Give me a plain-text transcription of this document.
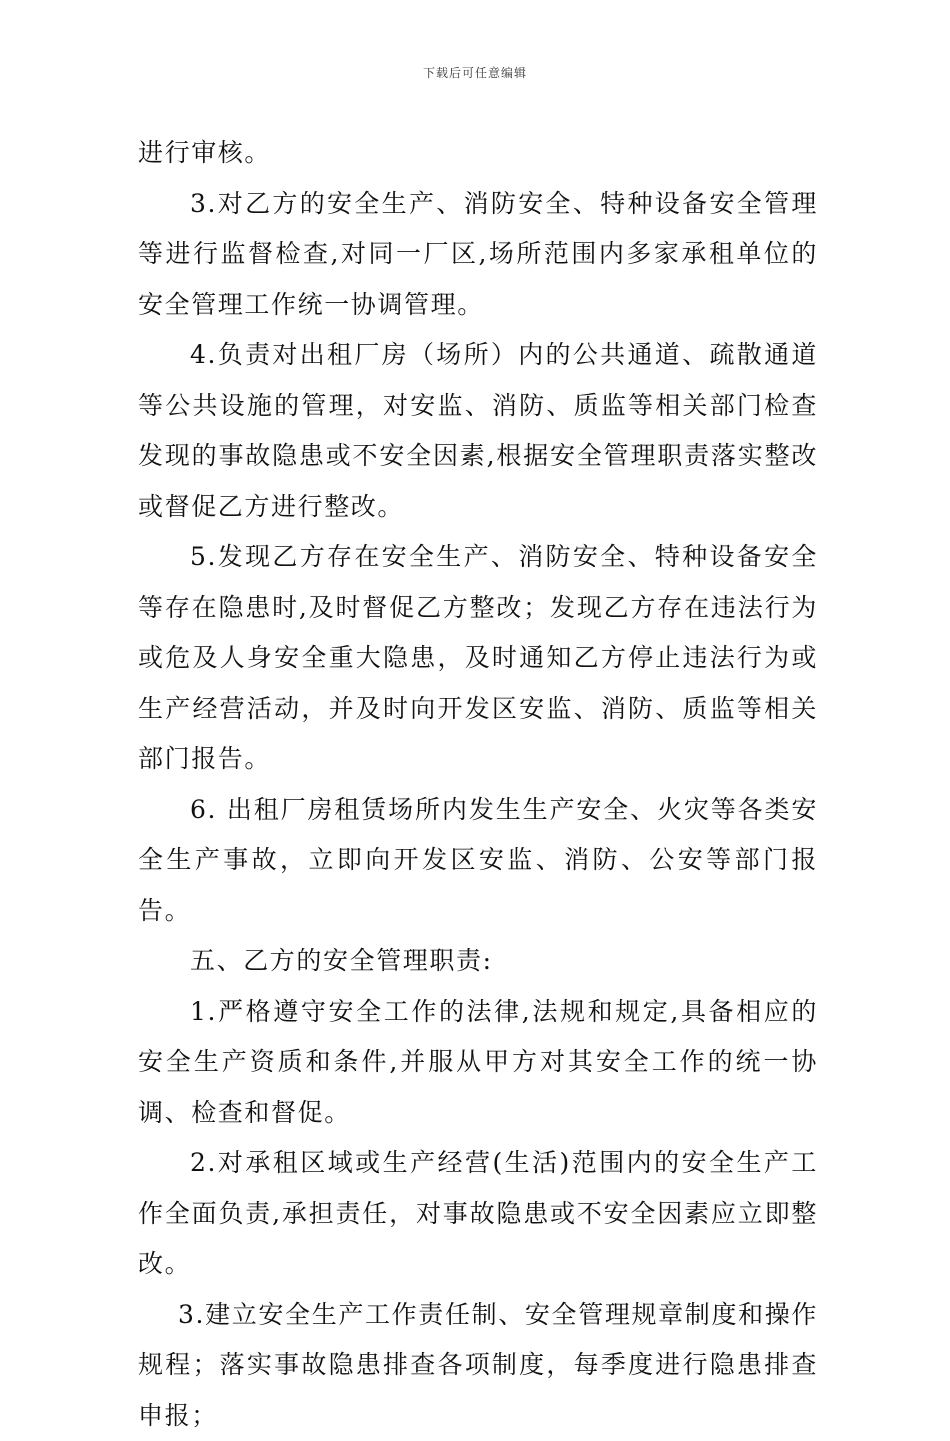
下载后可任意编辑

进行审核。

3.对乙方的安全生产、消防安全、特种设备安全管理等进行监督检查,对同一厂区,场所范围内多家承租单位的安全管理工作统一协调管理。

4.负责对出租厂房（场所）内的公共通道、疏散通道等公共设施的管理，对安监、消防、质监等相关部门检查发现的事故隐患或不安全因素,根据安全管理职责落实整改或督促乙方进行整改。

5.发现乙方存在安全生产、消防安全、特种设备安全等存在隐患时,及时督促乙方整改；发现乙方存在违法行为或危及人身安全重大隐患，及时通知乙方停止违法行为或生产经营活动，并及时向开发区安监、消防、质监等相关部门报告。

6. 出租厂房租赁场所内发生生产安全、火灾等各类安全生产事故，立即向开发区安监、消防、公安等部门报告。

五、乙方的安全管理职责:

1.严格遵守安全工作的法律,法规和规定,具备相应的安全生产资质和条件,并服从甲方对其安全工作的统一协调、检查和督促。

2.对承租区域或生产经营(生活)范围内的安全生产工作全面负责,承担责任，对事故隐患或不安全因素应立即整改。

3.建立安全生产工作责任制、安全管理规章制度和操作规程；落实事故隐患排查各项制度，每季度进行隐患排查申报；
